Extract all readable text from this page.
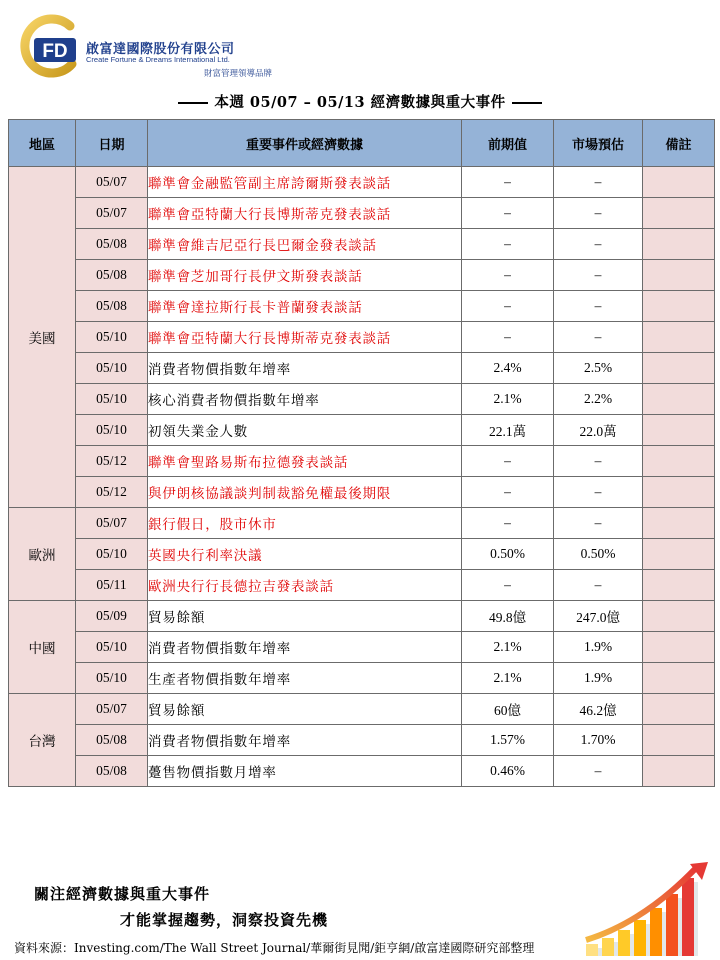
FD 啟富達國際股份有限公司
Create Fortune & Dreams International Ltd.
財富管理領導品牌
本週 05/07 – 05/13 經濟數據與重大事件
地區	日期	重要事件或經濟數據	前期值	市場預估	備註
美國	05/07	聯準會金融監管副主席誇爾斯發表談話	–	–	
	05/07	聯準會亞特蘭大行長博斯蒂克發表談話	–	–	
	05/08	聯準會維吉尼亞行長巴爾金發表談話	–	–	
	05/08	聯準會芝加哥行長伊文斯發表談話	–	–	
	05/08	聯準會達拉斯行長卡普蘭發表談話	–	–	
	05/10	聯準會亞特蘭大行長博斯蒂克發表談話	–	–	
	05/10	消費者物價指數年增率	2.4%	2.5%	
	05/10	核心消費者物價指數年增率	2.1%	2.2%	
	05/10	初領失業金人數	22.1萬	22.0萬	
	05/12	聯準會聖路易斯布拉德發表談話	–	–	
	05/12	與伊朗核協議談判制裁豁免權最後期限	–	–	
歐洲	05/07	銀行假日，股市休市	–	–	
	05/10	英國央行利率決議	0.50%	0.50%	
	05/11	歐洲央行行長德拉吉發表談話	–	–	
中國	05/09	貿易餘額	49.8億	247.0億	
	05/10	消費者物價指數年增率	2.1%	1.9%	
	05/10	生產者物價指數年增率	2.1%	1.9%	
台灣	05/07	貿易餘額	60億	46.2億	
	05/08	消費者物價指數年增率	1.57%	1.70%	
	05/08	躉售物價指數月增率	0.46%	–	
關注經濟數據與重大事件
才能掌握趨勢，洞察投資先機
資料來源：Investing.com/The Wall Street Journal/華爾街見聞/鉅亨網/啟富達國際研究部整理
